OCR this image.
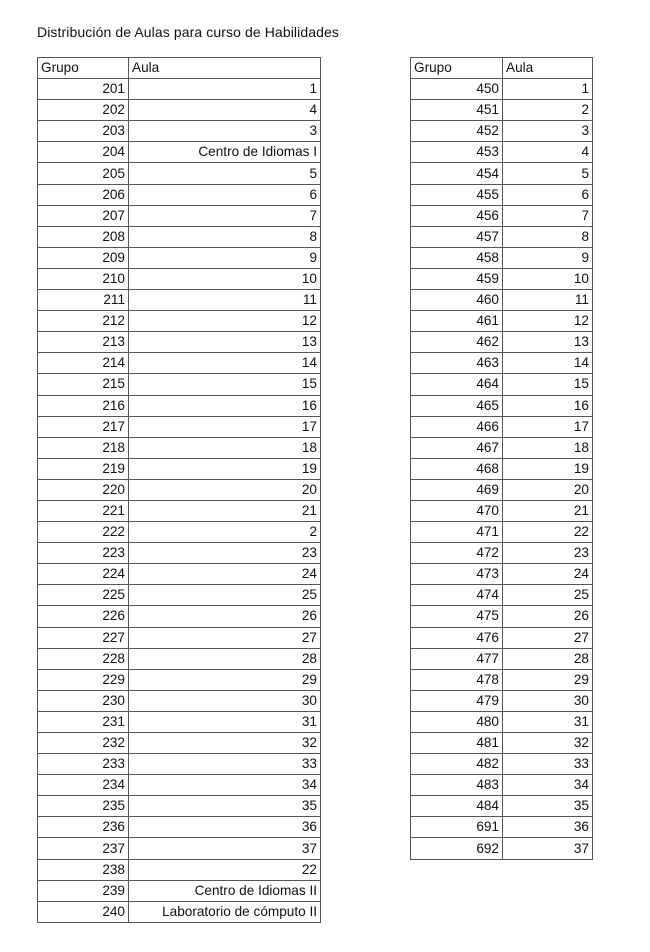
Distribución de Aulas para curso de Habilidades
Grupo	Aula
201	1
202	4
203	3
204	Centro de Idiomas I
205	5
206	6
207	7
208	8
209	9
210	10
211	11
212	12
213	13
214	14
215	15
216	16
217	17
218	18
219	19
220	20
221	21
222	2
223	23
224	24
225	25
226	26
227	27
228	28
229	29
230	30
231	31
232	32
233	33
234	34
235	35
236	36
237	37
238	22
239	Centro de Idiomas II
240	Laboratorio de cómputo II
Grupo	Aula
450	1
451	2
452	3
453	4
454	5
455	6
456	7
457	8
458	9
459	10
460	11
461	12
462	13
463	14
464	15
465	16
466	17
467	18
468	19
469	20
470	21
471	22
472	23
473	24
474	25
475	26
476	27
477	28
478	29
479	30
480	31
481	32
482	33
483	34
484	35
691	36
692	37
